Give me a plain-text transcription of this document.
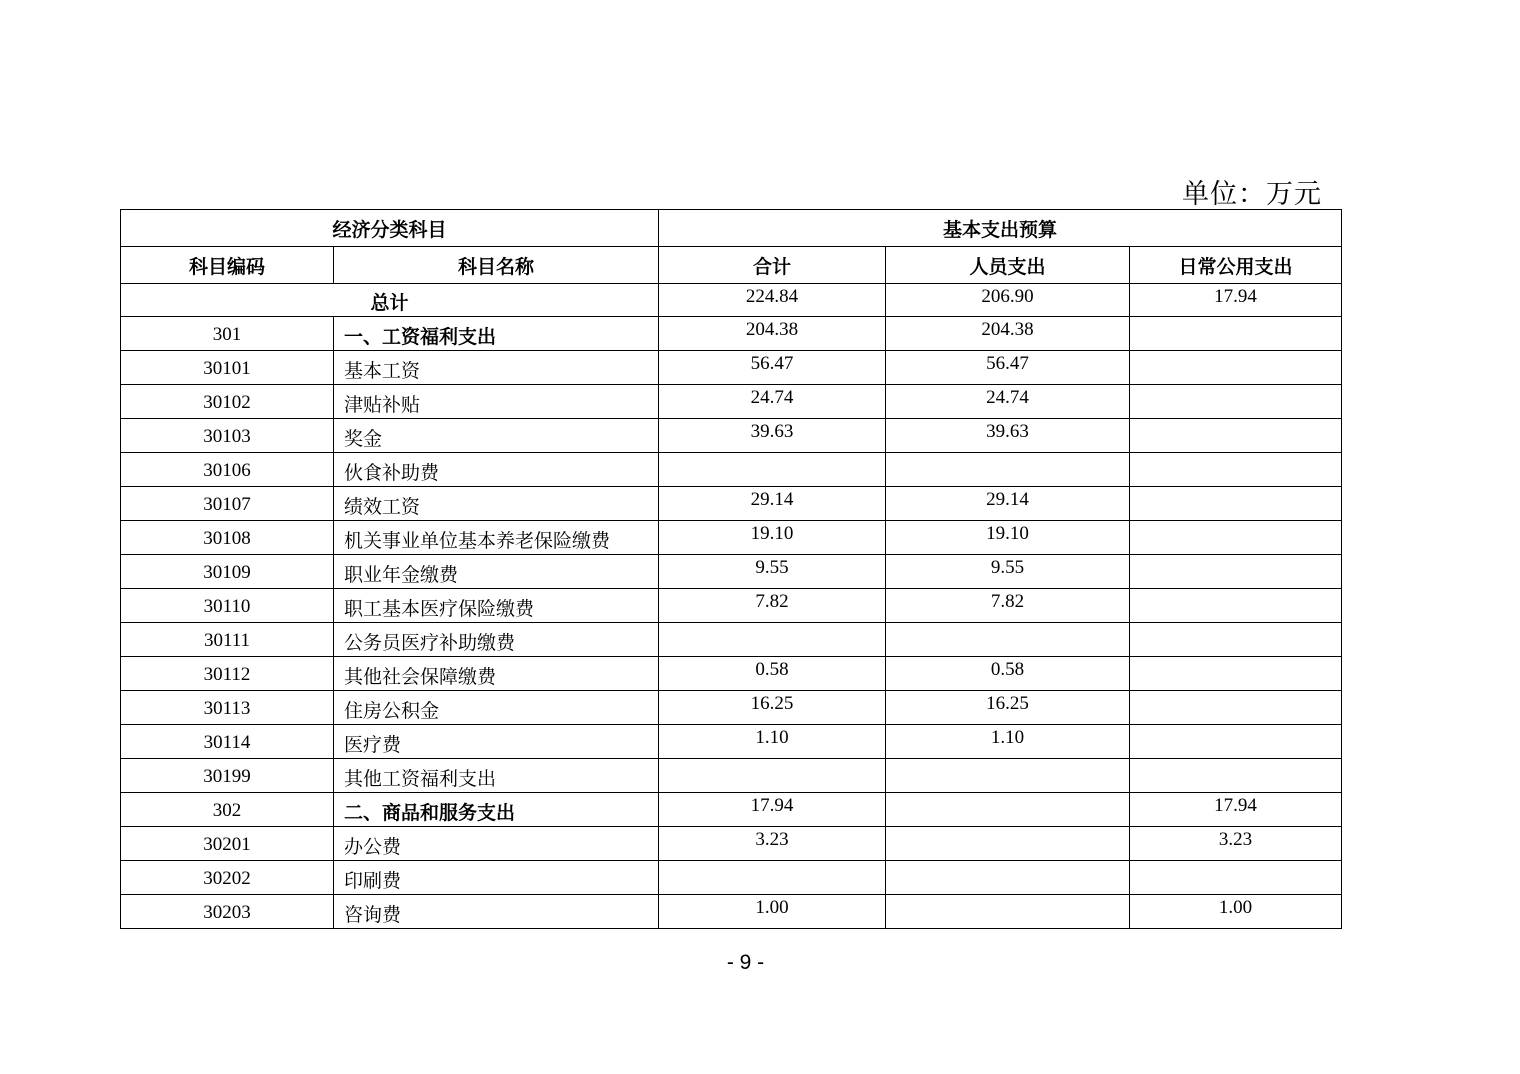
单位：万元
经济分类科目		基本支出预算		
科目编码	科目名称	合计	人员支出	日常公用支出
总计		224.84	206.90	17.94
301	一、工资福利支出	204.38	204.38	
30101	基本工资	56.47	56.47	
30102	津贴补贴	24.74	24.74	
30103	奖金	39.63	39.63	
30106	伙食补助费			
30107	绩效工资	29.14	29.14	
30108	机关事业单位基本养老保险缴费	19.10	19.10	
30109	职业年金缴费	9.55	9.55	
30110	职工基本医疗保险缴费	7.82	7.82	
30111	公务员医疗补助缴费			
30112	其他社会保障缴费	0.58	0.58	
30113	住房公积金	16.25	16.25	
30114	医疗费	1.10	1.10	
30199	其他工资福利支出			
302	二、商品和服务支出	17.94		17.94
30201	办公费	3.23		3.23
30202	印刷费			
30203	咨询费	1.00		1.00
- 9 -
